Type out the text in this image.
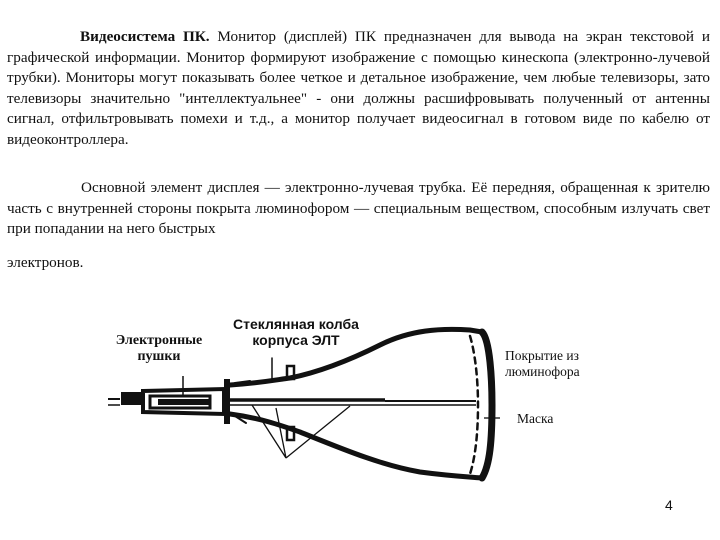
Видеосистема ПК. Монитор (дисплей) ПК предназначен для вывода на экран текстовой и графической информации. Монитор формируют изображение с помощью кинескопа (электронно-лучевой трубки). Мониторы могут показывать более четкое и детальное изображение, чем любые телевизоры, зато телевизоры значительно "интеллектуальнее" - они должны расшифровывать полученный от антенны сигнал, отфильтровывать помехи и т.д., а монитор получает видеосигнал в готовом виде по кабелю от видеоконтроллера.

Основной элемент дисплея — электронно-лучевая трубка. Её передняя, обращенная к зрителю часть с внутренней стороны покрыта люминофором — специальным веществом, способным излучать свет при попадании на него быстрых
электронов.

Электронные пушки
Стеклянная колба корпуса ЭЛТ
Покрытие из люминофора
Маска
4
